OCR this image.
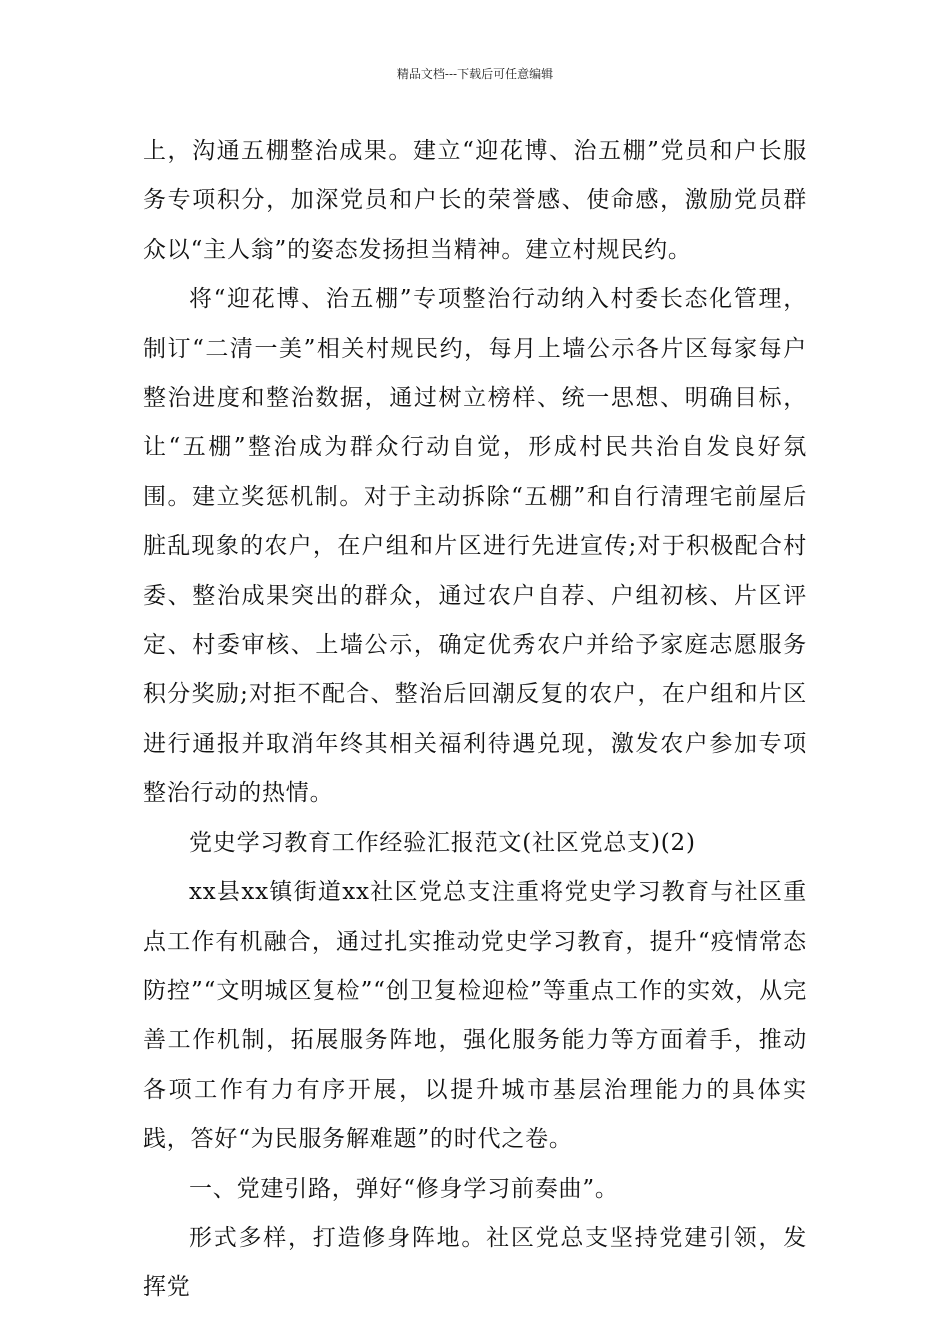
精品文档---下载后可任意编辑

上，沟通五棚整治成果。建立“迎花博、治五棚”党员和户长服务专项积分，加深党员和户长的荣誉感、使命感，激励党员群众以“主人翁”的姿态发扬担当精神。建立村规民约。

将“迎花博、治五棚”专项整治行动纳入村委长态化管理，制订“二清一美”相关村规民约，每月上墙公示各片区每家每户整治进度和整治数据，通过树立榜样、统一思想、明确目标，让“五棚”整治成为群众行动自觉，形成村民共治自发良好氛围。建立奖惩机制。对于主动拆除“五棚”和自行清理宅前屋后脏乱现象的农户，在户组和片区进行先进宣传;对于积极配合村委、整治成果突出的群众，通过农户自荐、户组初核、片区评定、村委审核、上墙公示，确定优秀农户并给予家庭志愿服务积分奖励;对拒不配合、整治后回潮反复的农户，在户组和片区进行通报并取消年终其相关福利待遇兑现，激发农户参加专项整治行动的热情。

党史学习教育工作经验汇报范文(社区党总支)(2)

xx县xx镇街道xx社区党总支注重将党史学习教育与社区重点工作有机融合，通过扎实推动党史学习教育，提升“疫情常态防控”“文明城区复检”“创卫复检迎检”等重点工作的实效，从完善工作机制，拓展服务阵地，强化服务能力等方面着手，推动各项工作有力有序开展，以提升城市基层治理能力的具体实践，答好“为民服务解难题”的时代之卷。

一、党建引路，弹好“修身学习前奏曲”。

形式多样，打造修身阵地。社区党总支坚持党建引领，发挥党
